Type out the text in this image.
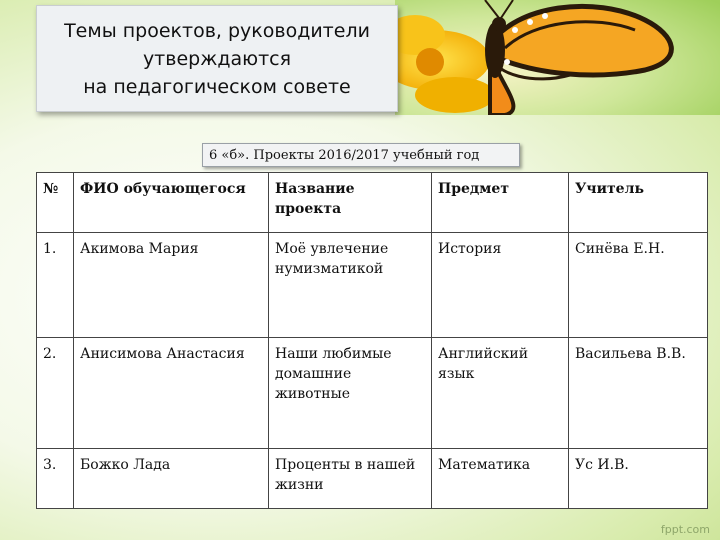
Темы проектов, руководители
утверждаются
на педагогическом совете
6 «б». Проекты 2016/2017 учебный год
№	ФИО обучающегося	Название проекта	Предмет	Учитель
1.	Акимова Мария	Моё увлечение нумизматикой	История	Синёва Е.Н.
2.	Анисимова Анастасия	Наши любимые домашние животные	Английский язык	Васильева В.В.
3.	Божко Лада	Проценты в нашей жизни	Математика	Ус И.В.
fppt.com
